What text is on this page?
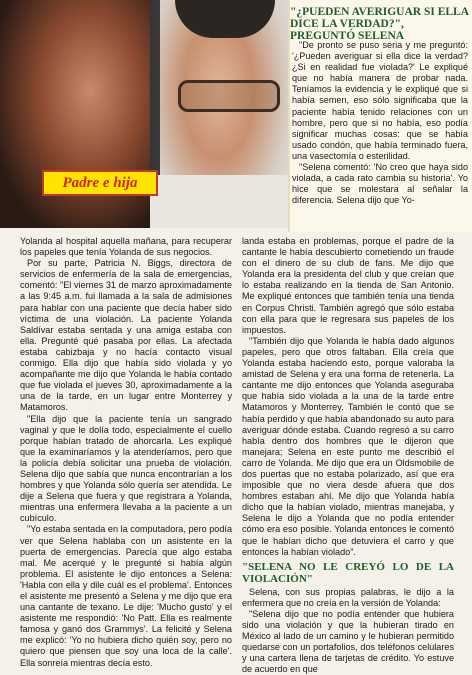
Padre e hija
"¿PUEDEN AVERIGUAR SI ELLA DICE LA VERDAD?", PREGUNTÓ SELENA

"De pronto se puso seria y me preguntó: '¿Pueden averiguar si ella dice la verdad? ¿Si en realidad fue violada?' Le expliqué que no había manera de probar nada. Teníamos la evidencia y le expliqué que si había semen, eso sólo significaba que la paciente había tenido relaciones con un hombre, pero que si no había, eso podía significar muchas cosas: que se había usado condón, que había terminado fuera, una vasectomía o esterilidad.

"Selena comentó: 'No creo que haya sido violada, a cada rato cambia su historia'. Yo hice que se molestara al señalar la diferencia. Selena dijo que Yo-

Yolanda al hospital aquella mañana, para recuperar los papeles que tenía Yolanda de sus negocios.

Por su parte, Patricia N. Biggs, directora de servicios de enfermería de la sala de emergencias, comentó: "El viernes 31 de marzo aproximadamente a las 9:45 a.m. fui llamada a la sala de admisiones para hablar con una paciente que decía haber sido víctima de una violación. La paciente Yolanda Saldívar estaba sentada y una amiga estaba con ella. Pregunté qué pasaba por ellas. La afectada estaba cabizbaja y no hacía contacto visual conmigo. Ella dijo que había sido violada y yo acompañante me dijo que Yolanda le había contado que fue violada el jueves 30, aproximadamente a la una de la tarde, en un lugar entre Monterrey y Matamoros.

"Ella dijo que la paciente tenía un sangrado vaginal y que le dolía todo, especialmente el cuello porque habían tratado de ahorcarla. Les expliqué que la examinaríamos y la atenderíamos, pero que la policía debía solicitar una prueba de violación. Selena dijo que sabía que nunca encontrarían a los hombres y que Yolanda sólo quería ser atendida. Le dije a Selena que fuera y que registrara a Yolanda, mientras una enfermera llevaba a la paciente a un cubículo.

"Yo estaba sentada en la computadora, pero podía ver que Selena hablaba con un asistente en la puerta de emergencias. Parecía que algo estaba mal. Me acerqué y le pregunté si había algún problema. El asistente le dijo entonces a Selena: 'Habla con ella y dile cuál es el problema'. Entonces el asistente me presentó a Selena y me dijo que era una cantante de texano. Le dije: 'Mucho gusto' y el asistente me respondió: 'No Patt. Ella es realmente famosa y ganó dos Grammys'. La felicité y Selena me explicó: 'Yo no hubiera dicho quién soy, pero no quiero que piensen que soy una loca de la calle'. Ella sonreía mientras decía esto.

landa estaba en problemas, porque el padre de la cantante le había descubierto cometiendo un fraude con el dinero de su club de fans. Me dijo que Yolanda era la presidenta del club y que creían que lo estaba realizando en la tienda de San Antonio. Me expliqué entonces que también tenía una tienda en Corpus Christi. También agregó que sólo estaba con ella para que le regresara sus papeles de los impuestos.

"También dijo que Yolanda le había dado algunos papeles, pero que otros faltaban. Ella creía que Yolanda estaba haciendo esto, porque valoraba la amistad de Selena y era una forma de retenerla. La cantante me dijo entonces que Yolanda aseguraba que había sido violada a la una de la tarde entre Matamoros y Monterrey. También le contó que se había perdido y que había abandonado su auto para averiguar dónde estaba. Cuando regresó a su carro había dentro dos hombres que le dijeron que manejara; Selena en este punto me describió el carro de Yolanda. Me dijo que era un Oldsmobile de dos puertas que no estaba polarizado, así que era imposible que no viera desde afuera que dos hombres estaban ahí. Me dijo que Yolanda había dicho que la habían violado, mientras manejaba, y Selena le dijo a Yolanda que no podía entender cómo era eso posible. Yolanda entonces le comentó que le habían dicho que detuviera el carro y que entonces la habían violado".

"SELENA NO LE CREYÓ LO DE LA VIOLACIÓN"

Selena, con sus propias palabras, le dijo a la enfermera que no creía en la versión de Yolanda:

"Selena dijo que no podía entender que hubiera sido una violación y que la hubieran tirado en México al lado de un camino y le hubieran permitido quedarse con un portafolios, dos teléfonos celulares y una cartera llena de tarjetas de crédito. Yo estuve de acuerdo en que
